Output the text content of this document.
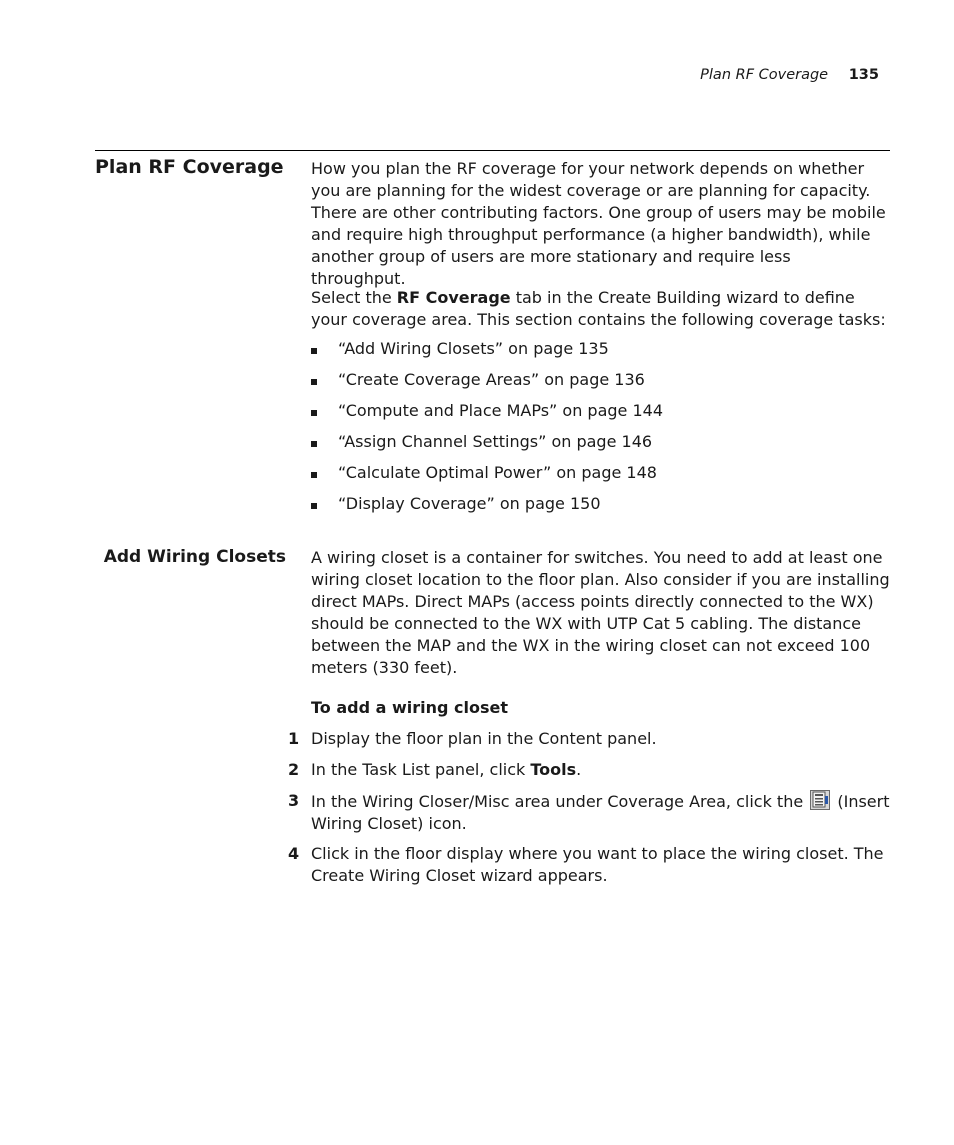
Plan RF Coverage 135
Plan RF Coverage How you plan the RF coverage for your network depends on whether you are planning for the widest coverage or are planning for capacity. There are other contributing factors. One group of users may be mobile and require high throughput performance (a higher bandwidth), while another group of users are more stationary and require less throughput.

Select the RF Coverage tab in the Create Building wizard to define your coverage area. This section contains the following coverage tasks:

“Add Wiring Closets” on page 135
“Create Coverage Areas” on page 136
“Compute and Place MAPs” on page 144
“Assign Channel Settings” on page 146
“Calculate Optimal Power” on page 148
“Display Coverage” on page 150
Add Wiring Closets A wiring closet is a container for switches. You need to add at least one wiring closet location to the floor plan. Also consider if you are installing direct MAPs. Direct MAPs (access points directly connected to the WX) should be connected to the WX with UTP Cat 5 cabling. The distance between the MAP and the WX in the wiring closet can not exceed 100 meters (330 feet).

To add a wiring closet

1 Display the floor plan in the Content panel.
2 In the Task List panel, click Tools.
3 In the Wiring Closer/Misc area under Coverage Area, click the  (Insert Wiring Closet) icon.
4 Click in the floor display where you want to place the wiring closet. The Create Wiring Closet wizard appears.
